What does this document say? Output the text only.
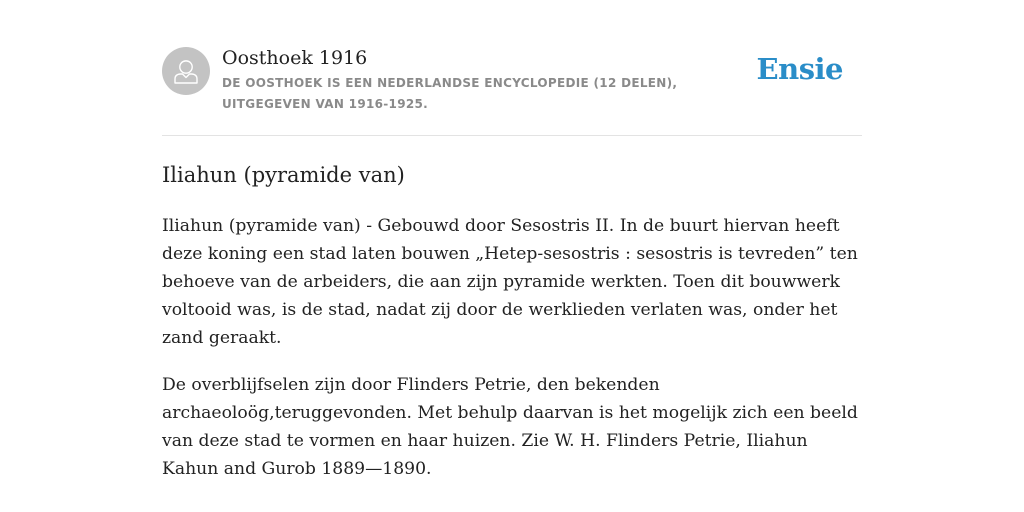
Oosthoek 1916
DE OOSTHOEK IS EEN NEDERLANDSE ENCYCLOPEDIE (12 DELEN), UITGEGEVEN VAN 1916-1925.
Ensie
Iliahun (pyramide van)

Iliahun (pyramide van) - Gebouwd door Sesostris II. In de buurt hiervan heeft deze koning een stad laten bouwen „Hetep-sesostris : sesostris is tevreden” ten behoeve van de arbeiders, die aan zijn pyramide werkten. Toen dit bouwwerk voltooid was, is de stad, nadat zij door de werklieden verlaten was, onder het zand geraakt.

De overblijfselen zijn door Flinders Petrie, den bekenden archaeoloög,teruggevonden. Met behulp daarvan is het mogelijk zich een beeld van deze stad te vormen en haar huizen. Zie W. H. Flinders Petrie, Iliahun Kahun and Gurob 1889—1890.
